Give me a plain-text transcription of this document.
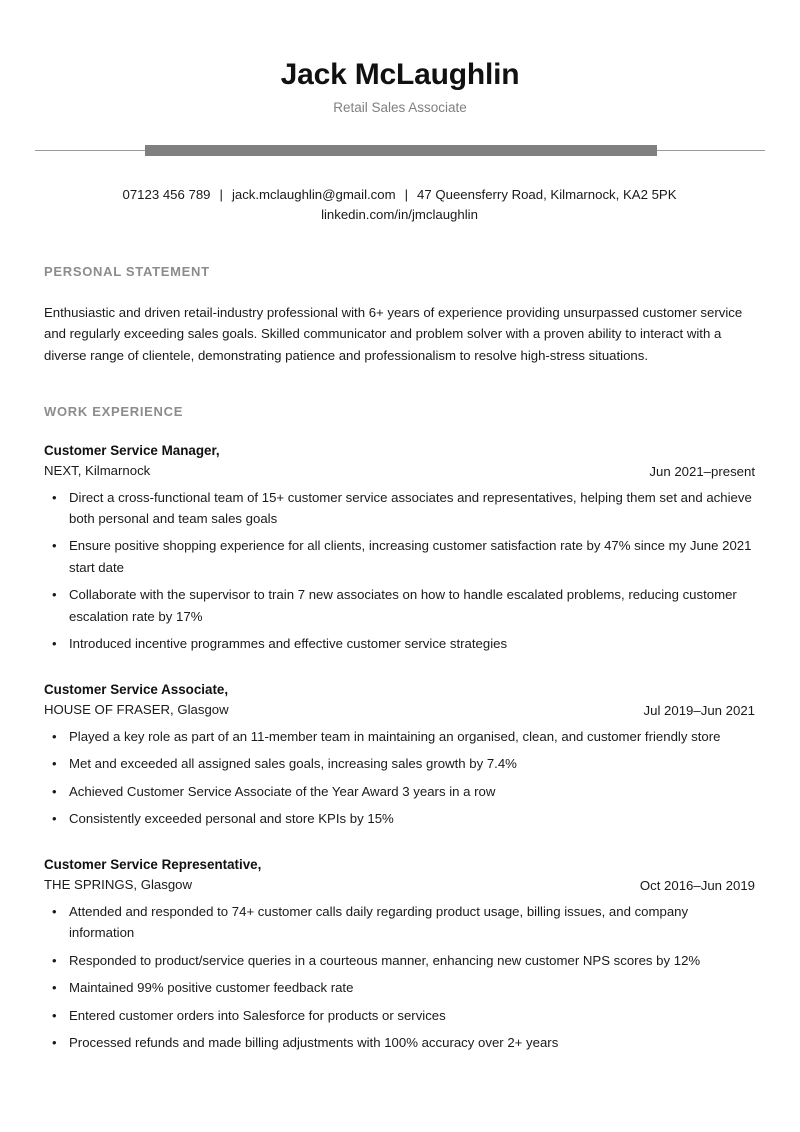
Jack McLaughlin
Retail Sales Associate
07123 456 789 | jack.mclaughlin@gmail.com | 47 Queensferry Road, Kilmarnock, KA2 5PK
linkedin.com/in/jmclaughlin
PERSONAL STATEMENT

Enthusiastic and driven retail-industry professional with 6+ years of experience providing unsurpassed customer service and regularly exceeding sales goals. Skilled communicator and problem solver with a proven ability to interact with a diverse range of clientele, demonstrating patience and professionalism to resolve high-stress situations.

WORK EXPERIENCE
Customer Service Manager,
NEXT, Kilmarnock	Jun 2021–present
• Direct a cross-functional team of 15+ customer service associates and representatives, helping them set and achieve both personal and team sales goals
• Ensure positive shopping experience for all clients, increasing customer satisfaction rate by 47% since my June 2021 start date
• Collaborate with the supervisor to train 7 new associates on how to handle escalated problems, reducing customer escalation rate by 17%
• Introduced incentive programmes and effective customer service strategies
Customer Service Associate,
HOUSE OF FRASER, Glasgow	Jul 2019–Jun 2021
• Played a key role as part of an 11-member team in maintaining an organised, clean, and customer friendly store
• Met and exceeded all assigned sales goals, increasing sales growth by 7.4%
• Achieved Customer Service Associate of the Year Award 3 years in a row
• Consistently exceeded personal and store KPIs by 15%
Customer Service Representative,
THE SPRINGS, Glasgow	Oct 2016–Jun 2019
• Attended and responded to 74+ customer calls daily regarding product usage, billing issues, and company information
• Responded to product/service queries in a courteous manner, enhancing new customer NPS scores by 12%
• Maintained 99% positive customer feedback rate
• Entered customer orders into Salesforce for products or services
• Processed refunds and made billing adjustments with 100% accuracy over 2+ years
